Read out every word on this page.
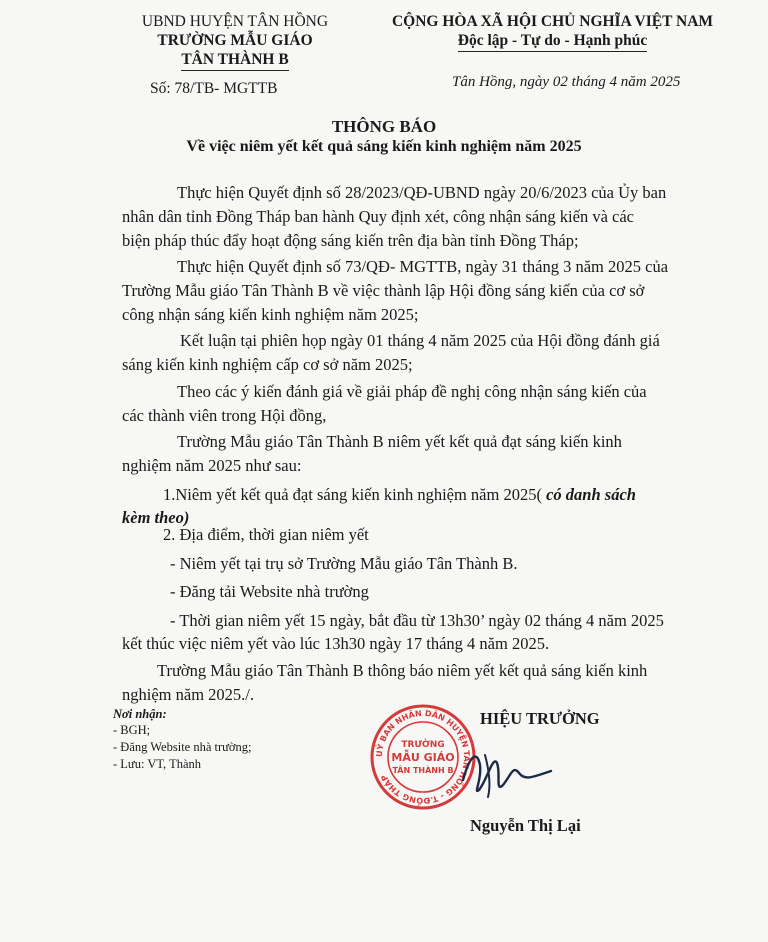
UBND HUYỆN TÂN HỒNG
TRƯỜNG MẪU GIÁO
TÂN THÀNH B
CỘNG HÒA XÃ HỘI CHỦ NGHĨA VIỆT NAM
Độc lập - Tự do - Hạnh phúc
Tân Hồng, ngày 02 tháng 4 năm 2025
Số: 78/TB- MGTTB
THÔNG BÁO
Về việc niêm yết kết quả sáng kiến kinh nghiệm năm 2025
Thực hiện Quyết định số 28/2023/QĐ-UBND ngày 20/6/2023 của Ủy ban
nhân dân tỉnh Đồng Tháp ban hành Quy định xét, công nhận sáng kiến và các
biện pháp thúc đẩy hoạt động sáng kiến trên địa bàn tỉnh Đồng Tháp;
Thực hiện Quyết định số 73/QĐ- MGTTB, ngày 31 tháng 3 năm 2025 của
Trường Mẫu giáo Tân Thành B về việc thành lập Hội đồng sáng kiến của cơ sở
công nhận sáng kiến kinh nghiệm năm 2025;
Kết luận tại phiên họp ngày 01 tháng 4 năm 2025 của Hội đồng đánh giá
sáng kiến kinh nghiệm cấp cơ sở năm 2025;
Theo các ý kiến đánh giá về giải pháp đề nghị công nhận sáng kiến của
các thành viên trong Hội đồng,
Trường Mẫu giáo Tân Thành B niêm yết kết quả đạt sáng kiến kinh
nghiệm năm 2025 như sau:
1.Niêm yết kết quả đạt sáng kiến kinh nghiệm năm 2025( có danh sách
kèm theo)
2. Địa điểm, thời gian niêm yết
- Niêm yết tại trụ sở Trường Mẫu giáo Tân Thành B.
- Đăng tải Website nhà trường
- Thời gian niêm yết 15 ngày, bắt đầu từ 13h30’ ngày 02 tháng 4 năm 2025
kết thúc việc niêm yết vào lúc 13h30 ngày 17 tháng 4 năm 2025.
Trường Mẫu giáo Tân Thành B thông báo niêm yết kết quả sáng kiến kinh
nghiệm năm 2025./.
Nơi nhận:
- BGH;
- Đăng Website nhà trường;
- Lưu: VT, Thành
HIỆU TRƯỞNG
UỶ BAN NHÂN DÂN HUYỆN TÂN HỒNG - T.ĐỒNG THÁP
TRƯỜNG
MẪU GIÁO
TÂN THÀNH B
Nguyễn Thị Lại
